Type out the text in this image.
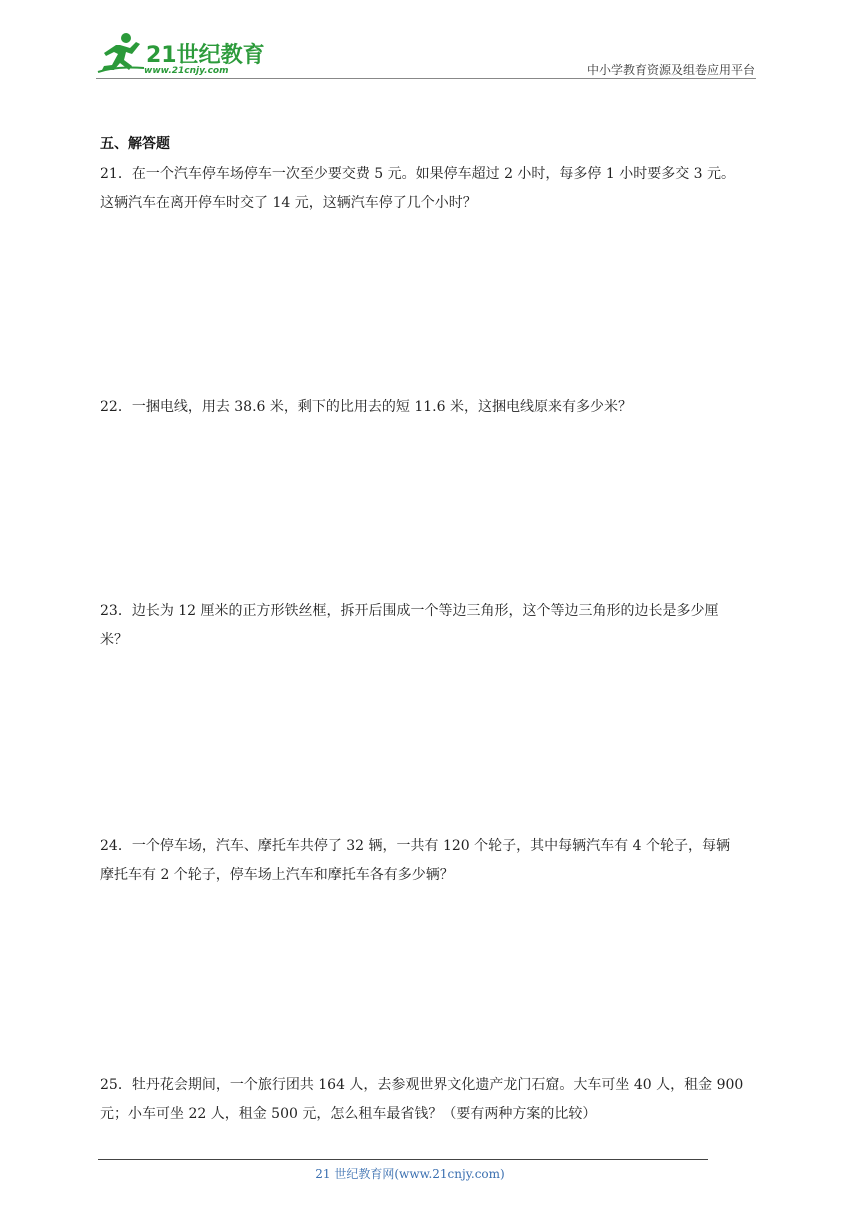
21世纪教育
www.21cnjy.com	中小学教育资源及组卷应用平台
五、解答题

21．在一个汽车停车场停车一次至少要交费 5 元。如果停车超过 2 小时，每多停 1 小时要多交 3 元。

这辆汽车在离开停车时交了 14 元，这辆汽车停了几个小时？

22．一捆电线，用去 38.6 米，剩下的比用去的短 11.6 米，这捆电线原来有多少米？

23．边长为 12 厘米的正方形铁丝框，拆开后围成一个等边三角形，这个等边三角形的边长是多少厘

米？

24．一个停车场，汽车、摩托车共停了 32 辆，一共有 120 个轮子，其中每辆汽车有 4 个轮子，每辆

摩托车有 2 个轮子，停车场上汽车和摩托车各有多少辆？

25．牡丹花会期间，一个旅行团共 164 人，去参观世界文化遗产龙门石窟。大车可坐 40 人，租金 900

元；小车可坐 22 人，租金 500 元，怎么租车最省钱？（要有两种方案的比较）

21 世纪教育网(www.21cnjy.com)
